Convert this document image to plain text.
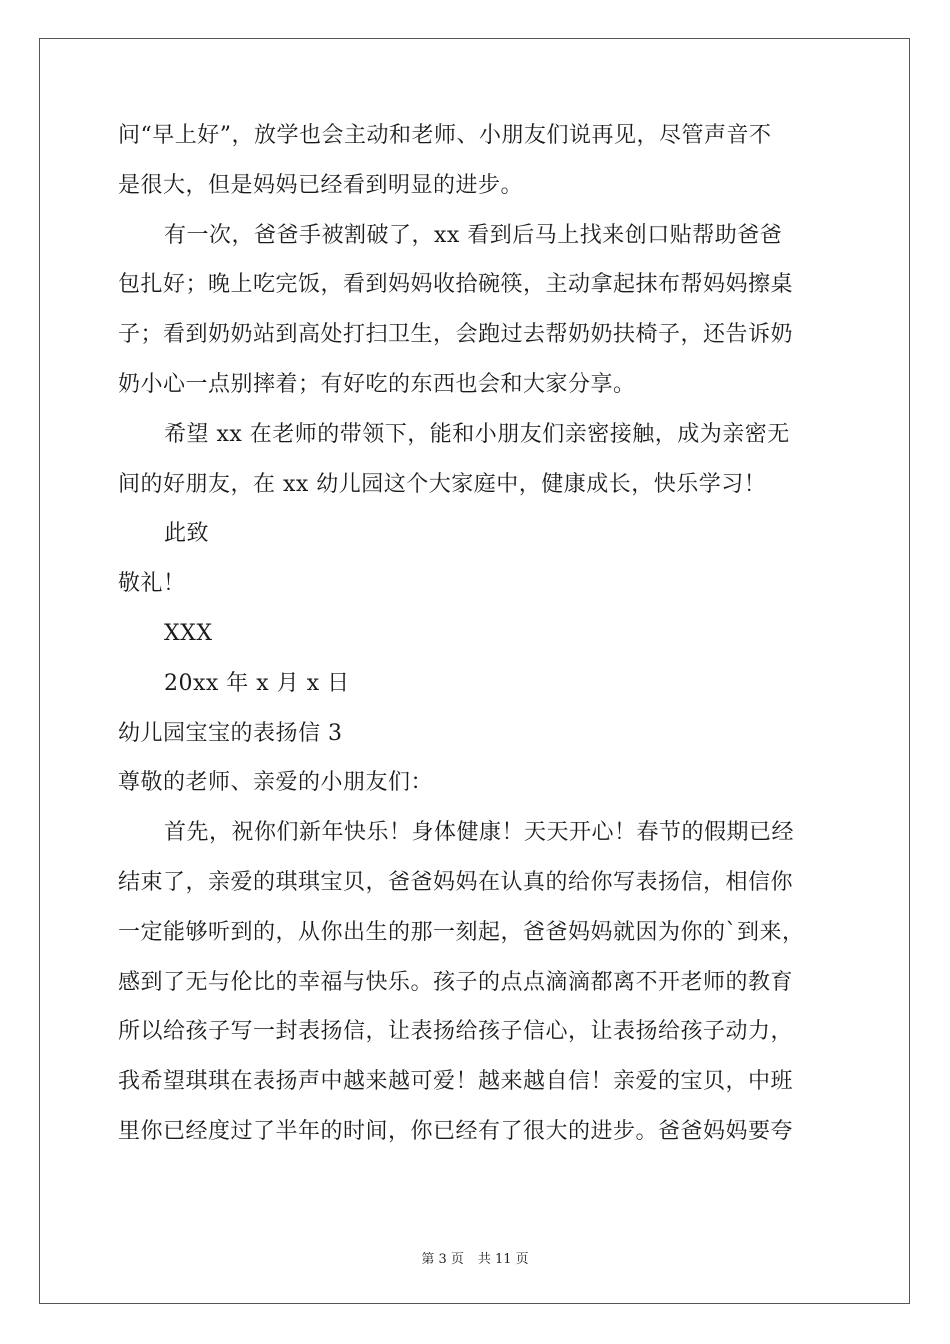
问“早上好”，放学也会主动和老师、小朋友们说再见，尽管声音不
是很大，但是妈妈已经看到明显的进步。
有一次，爸爸手被割破了，xx 看到后马上找来创口贴帮助爸爸
包扎好；晚上吃完饭，看到妈妈收拾碗筷，主动拿起抹布帮妈妈擦桌
子；看到奶奶站到高处打扫卫生，会跑过去帮奶奶扶椅子，还告诉奶
奶小心一点别摔着；有好吃的东西也会和大家分享。
希望 xx 在老师的带领下，能和小朋友们亲密接触，成为亲密无
间的好朋友，在 xx 幼儿园这个大家庭中，健康成长，快乐学习！
此致
敬礼！
XXX
20xx 年 x 月 x 日
幼儿园宝宝的表扬信 3
尊敬的老师、亲爱的小朋友们：
首先，祝你们新年快乐！身体健康！天天开心！春节的假期已经
结束了，亲爱的琪琪宝贝，爸爸妈妈在认真的给你写表扬信，相信你
一定能够听到的，从你出生的那一刻起，爸爸妈妈就因为你的`到来，
感到了无与伦比的幸福与快乐。孩子的点点滴滴都离不开老师的教育
所以给孩子写一封表扬信，让表扬给孩子信心，让表扬给孩子动力，
我希望琪琪在表扬声中越来越可爱！越来越自信！亲爱的宝贝，中班
里你已经度过了半年的时间，你已经有了很大的进步。爸爸妈妈要夸
第 3 页 共 11 页
